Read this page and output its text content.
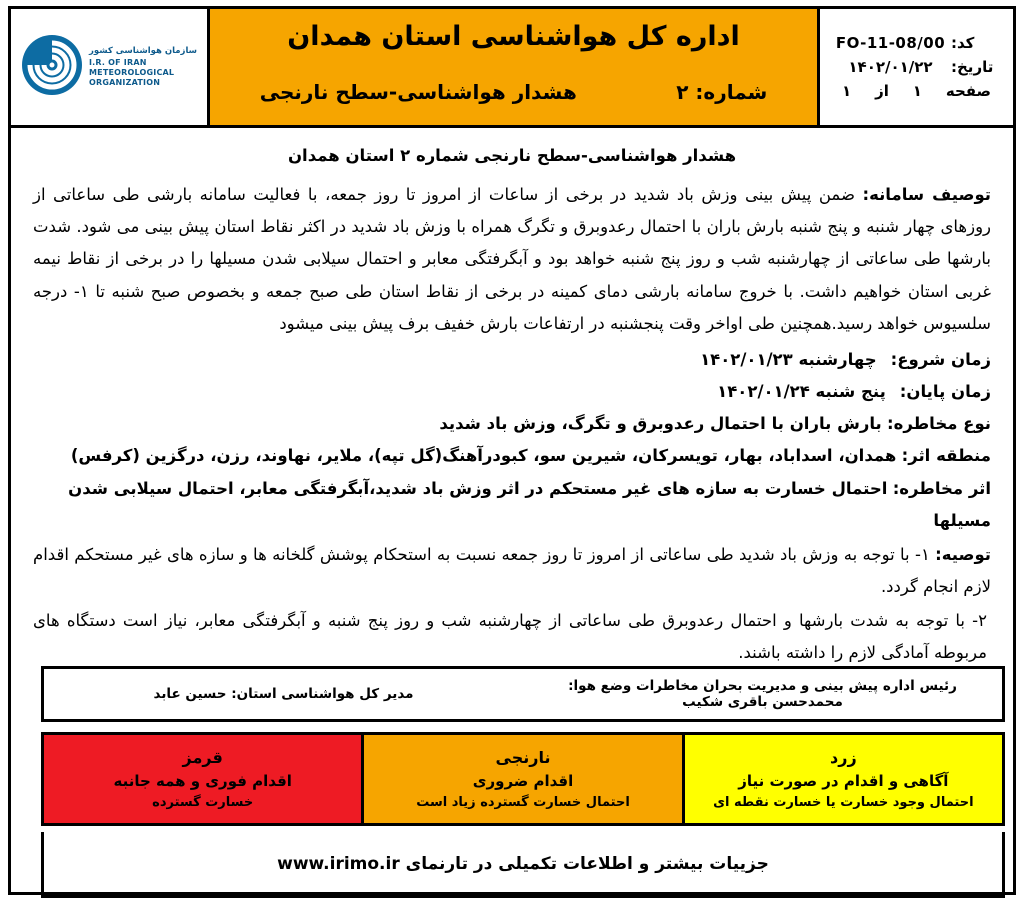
کد:
FO-11-08/00
تاریخ:
۱۴۰۲/۰۱/۲۲
صفحه
۱
از
۱
اداره کل هواشناسی استان همدان
شماره: ۲
هشدار هواشناسی-سطح نارنجی
سازمان هواشناسی کشور
I.R. OF IRAN
METEOROLOGICAL
ORGANIZATION
هشدار هواشناسی-سطح نارنجی شماره ۲ استان همدان

توصیف سامانه: ضمن پیش بینی وزش باد شدید در برخی از ساعات از امروز تا روز جمعه، با فعالیت سامانه بارشی طی ساعاتی از روزهای چهار شنبه و پنج شنبه بارش باران با احتمال رعدوبرق و تگرگ همراه با وزش باد شدید در اکثر نقاط استان پیش بینی می شود. شدت بارشها طی ساعاتی از چهارشنبه شب و روز پنج شنبه خواهد بود و آبگرفتگی معابر و احتمال سیلابی شدن مسیلها را در برخی از نقاط نیمه غربی استان خواهیم داشت. با خروج سامانه بارشی دمای کمینه در برخی از نقاط استان طی صبح جمعه و بخصوص صبح شنبه تا ۱- درجه سلسیوس خواهد رسید.همچنین طی اواخر وقت پنجشنبه در ارتفاعات بارش خفیف برف پیش بینی میشود

زمان شروع:چهارشنبه ۱۴۰۲/۰۱/۲۳

زمان پایان:پنج شنبه ۱۴۰۲/۰۱/۲۴

نوع مخاطره: بارش باران با احتمال رعدوبرق و تگرگ، وزش باد شدید

منطقه اثر: همدان، اسداباد، بهار، تویسرکان، شیرین سو، کبودرآهنگ(گل تپه)، ملایر، نهاوند، رزن، درگزین (کرفس)

اثر مخاطره: احتمال خسارت به سازه های غیر مستحکم در اثر وزش باد شدید،آبگرفتگی معابر، احتمال سیلابی شدن مسیلها

توصیه: ۱- با توجه به وزش باد شدید طی ساعاتی از امروز تا روز جمعه نسبت به استحکام پوشش گلخانه ها و سازه های غیر مستحکم اقدام لازم انجام گردد.

۲- با توجه به شدت بارشها و احتمال رعدوبرق طی ساعاتی از چهارشنبه شب و روز پنج شنبه و آبگرفتگی معابر، نیاز است دستگاه های مربوطه آمادگی لازم را داشته باشند.

رئیس اداره پیش بینی و مدیریت بحران مخاطرات وضع هوا: محمدحسن باقری شکیب
مدیر کل هواشناسی استان: حسین عابد
زرد
آگاهی و اقدام در صورت نیاز
احتمال وجود خسارت یا خسارت نقطه ای
نارنجی
اقدام ضروری
احتمال خسارت گسترده زیاد است
قرمز
اقدام فوری و همه جانبه
خسارت گسترده
جزییات بیشتر و اطلاعات تکمیلی در تارنمای www.irimo.ir
